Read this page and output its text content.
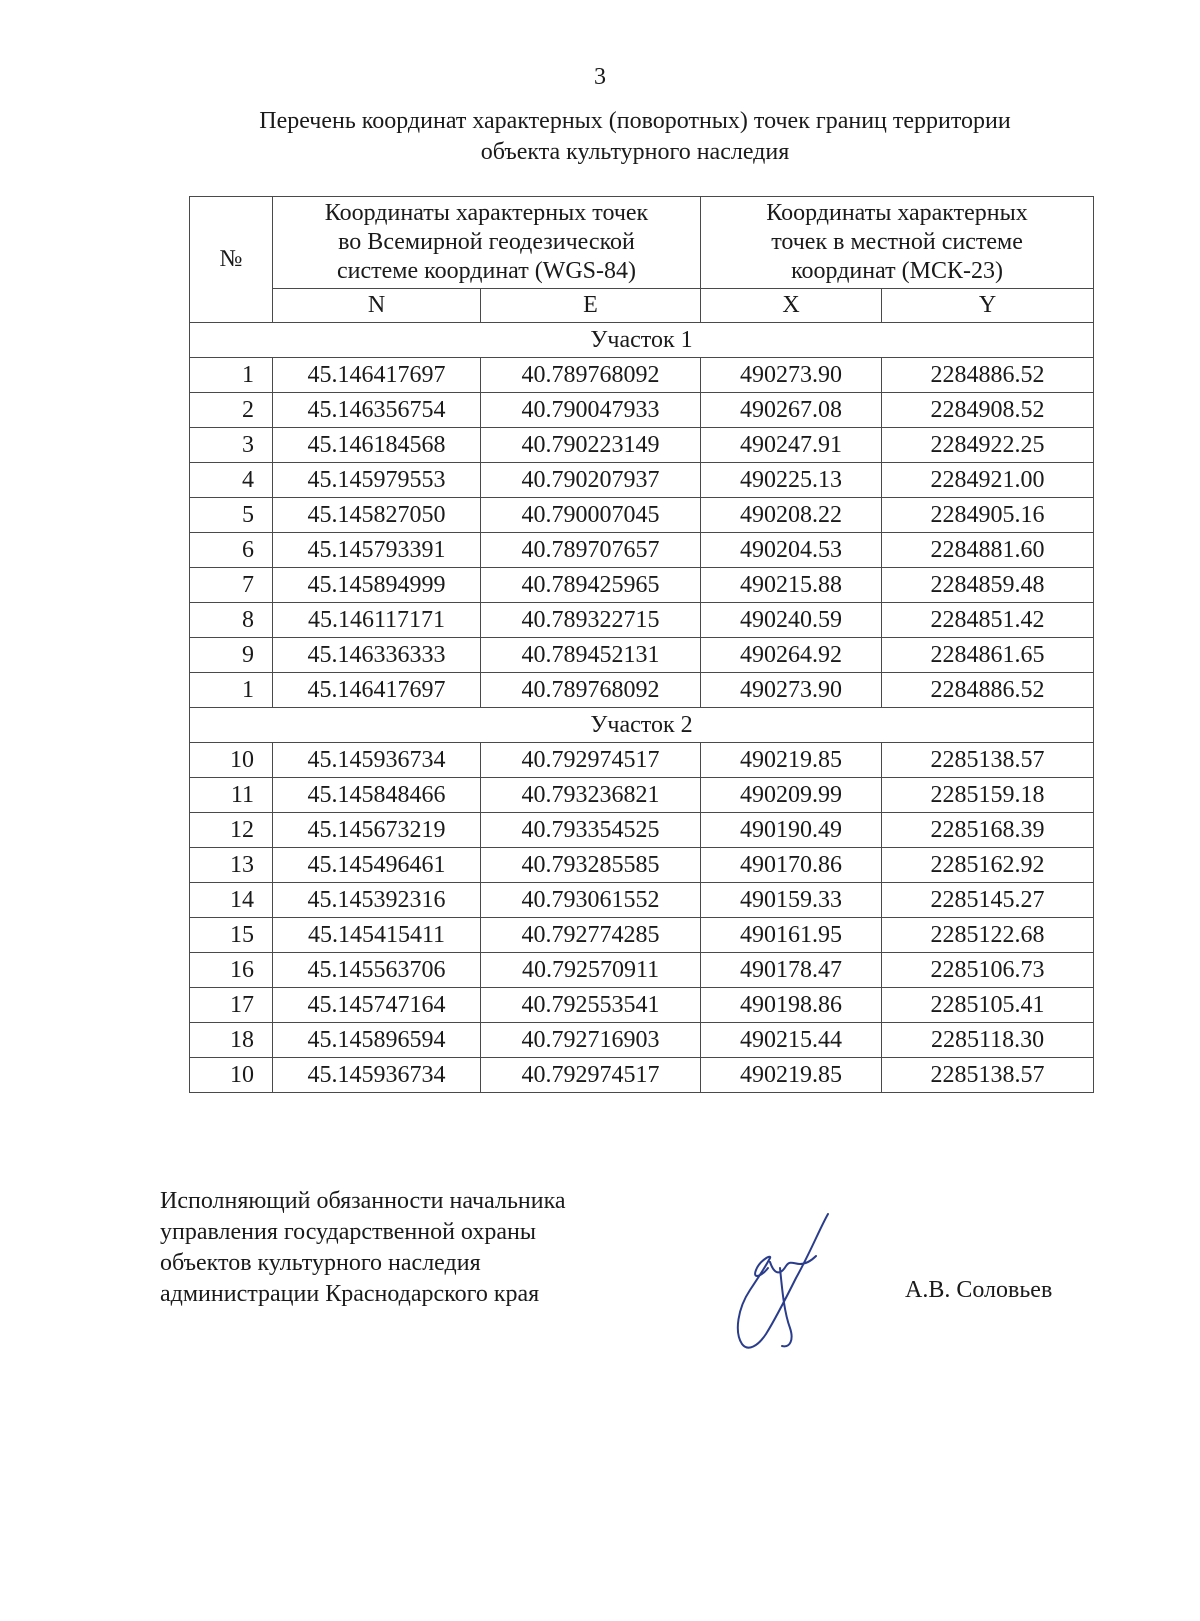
3
Перечень координат характерных (поворотных) точек границ территории
объекта культурного наследия
№	Координаты характерных точек
во Всемирной геодезической
системе координат (WGS-84)		Координаты характерных
точек в местной системе
координат (МСК-23)	

	N	E	X	Y
Участок 1				
1	45.146417697	40.789768092	490273.90	2284886.52
2	45.146356754	40.790047933	490267.08	2284908.52
3	45.146184568	40.790223149	490247.91	2284922.25
4	45.145979553	40.790207937	490225.13	2284921.00
5	45.145827050	40.790007045	490208.22	2284905.16
6	45.145793391	40.789707657	490204.53	2284881.60
7	45.145894999	40.789425965	490215.88	2284859.48
8	45.146117171	40.789322715	490240.59	2284851.42
9	45.146336333	40.789452131	490264.92	2284861.65
1	45.146417697	40.789768092	490273.90	2284886.52
Участок 2				
10	45.145936734	40.792974517	490219.85	2285138.57
11	45.145848466	40.793236821	490209.99	2285159.18
12	45.145673219	40.793354525	490190.49	2285168.39
13	45.145496461	40.793285585	490170.86	2285162.92
14	45.145392316	40.793061552	490159.33	2285145.27
15	45.145415411	40.792774285	490161.95	2285122.68
16	45.145563706	40.792570911	490178.47	2285106.73
17	45.145747164	40.792553541	490198.86	2285105.41
18	45.145896594	40.792716903	490215.44	2285118.30
10	45.145936734	40.792974517	490219.85	2285138.57
Исполняющий обязанности начальника
управления государственной охраны
объектов культурного наследия
администрации Краснодарского края	А.В. Соловьев
